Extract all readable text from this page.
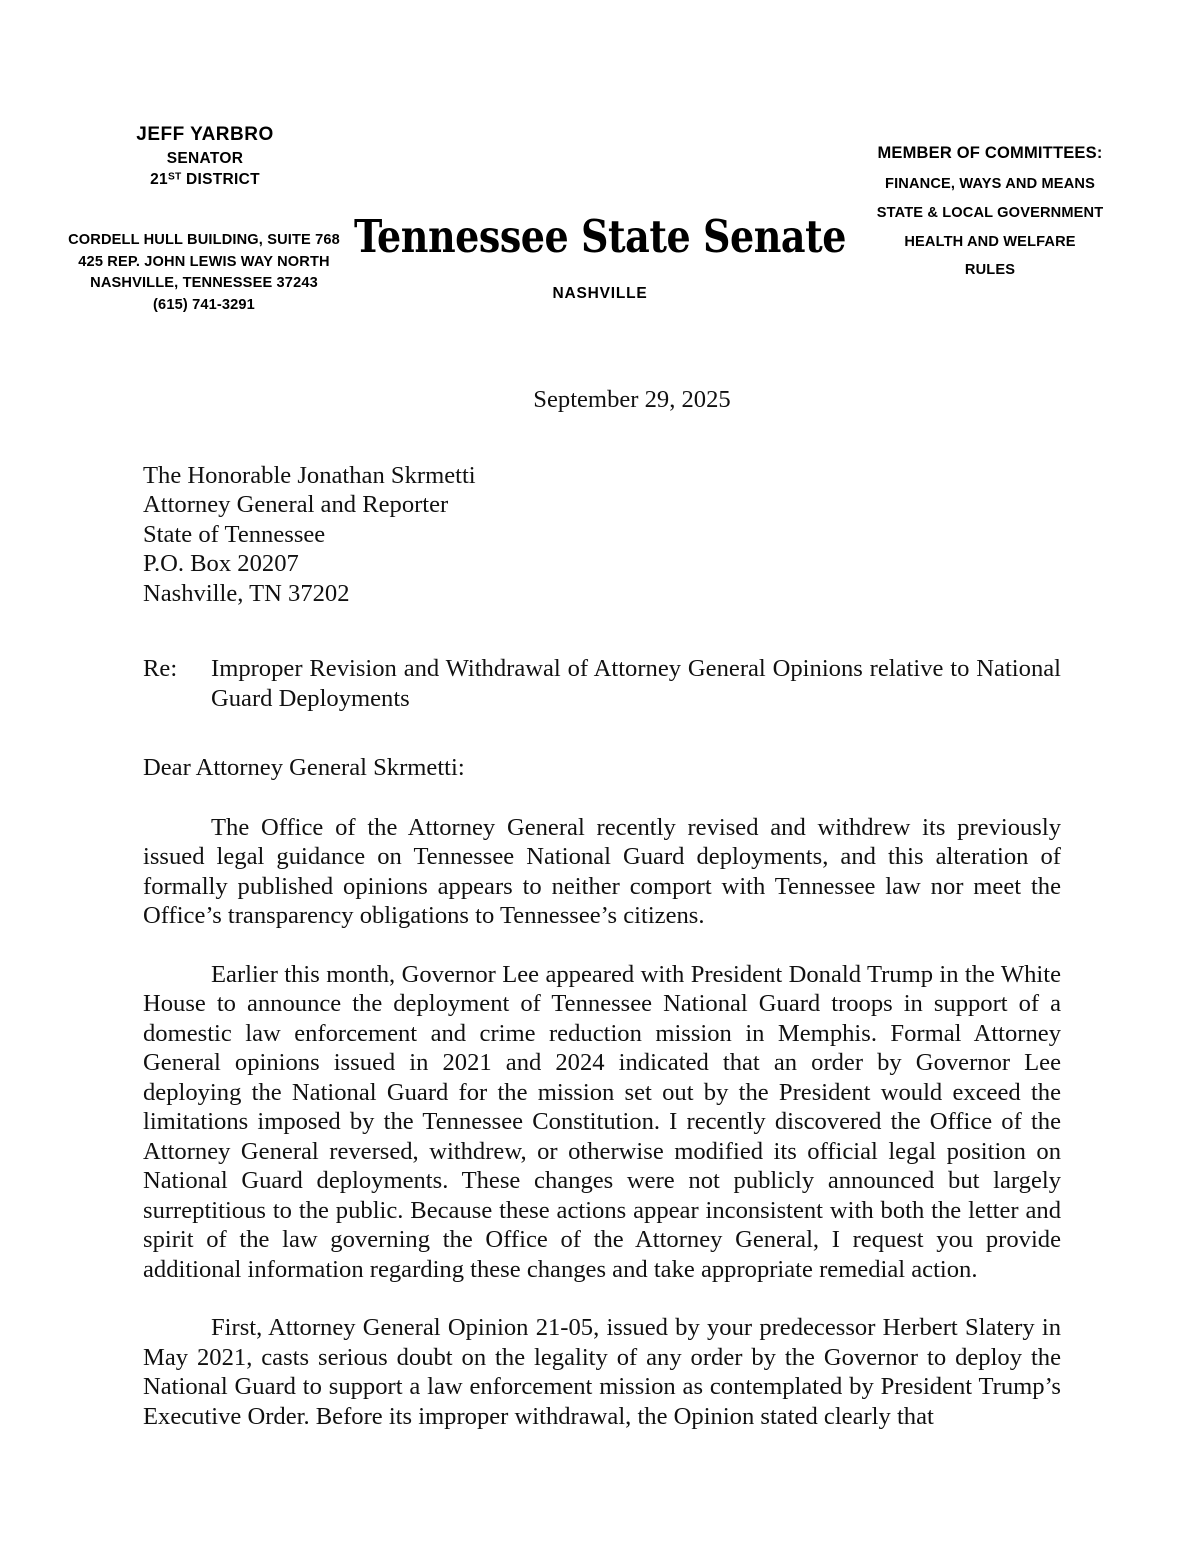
JEFF YARBRO
SENATOR
21ST DISTRICT
CORDELL HULL BUILDING, SUITE 768
425 REP. JOHN LEWIS WAY NORTH
NASHVILLE, TENNESSEE 37243
(615) 741-3291
Tennessee State Senate
NASHVILLE
MEMBER OF COMMITTEES:
FINANCE, WAYS AND MEANS
STATE & LOCAL GOVERNMENT
HEALTH AND WELFARE
RULES
September 29, 2025
The Honorable Jonathan Skrmetti
Attorney General and Reporter
State of Tennessee
P.O. Box 20207
Nashville, TN 37202
Re:	Improper Revision and Withdrawal of Attorney General Opinions relative to National Guard Deployments
Dear Attorney General Skrmetti:

The Office of the Attorney General recently revised and withdrew its previously issued legal guidance on Tennessee National Guard deployments, and this alteration of formally published opinions appears to neither comport with Tennessee law nor meet the Office’s transparency obligations to Tennessee’s citizens.

Earlier this month, Governor Lee appeared with President Donald Trump in the White House to announce the deployment of Tennessee National Guard troops in support of a domestic law enforcement and crime reduction mission in Memphis. Formal Attorney General opinions issued in 2021 and 2024 indicated that an order by Governor Lee deploying the National Guard for the mission set out by the President would exceed the limitations imposed by the Tennessee Constitution. I recently discovered the Office of the Attorney General reversed, withdrew, or otherwise modified its official legal position on National Guard deployments. These changes were not publicly announced but largely surreptitious to the public. Because these actions appear inconsistent with both the letter and spirit of the law governing the Office of the Attorney General, I request you provide additional information regarding these changes and take appropriate remedial action.

First, Attorney General Opinion 21-05, issued by your predecessor Herbert Slatery in May 2021, casts serious doubt on the legality of any order by the Governor to deploy the National Guard to support a law enforcement mission as contemplated by President Trump’s Executive Order. Before its improper withdrawal, the Opinion stated clearly that
